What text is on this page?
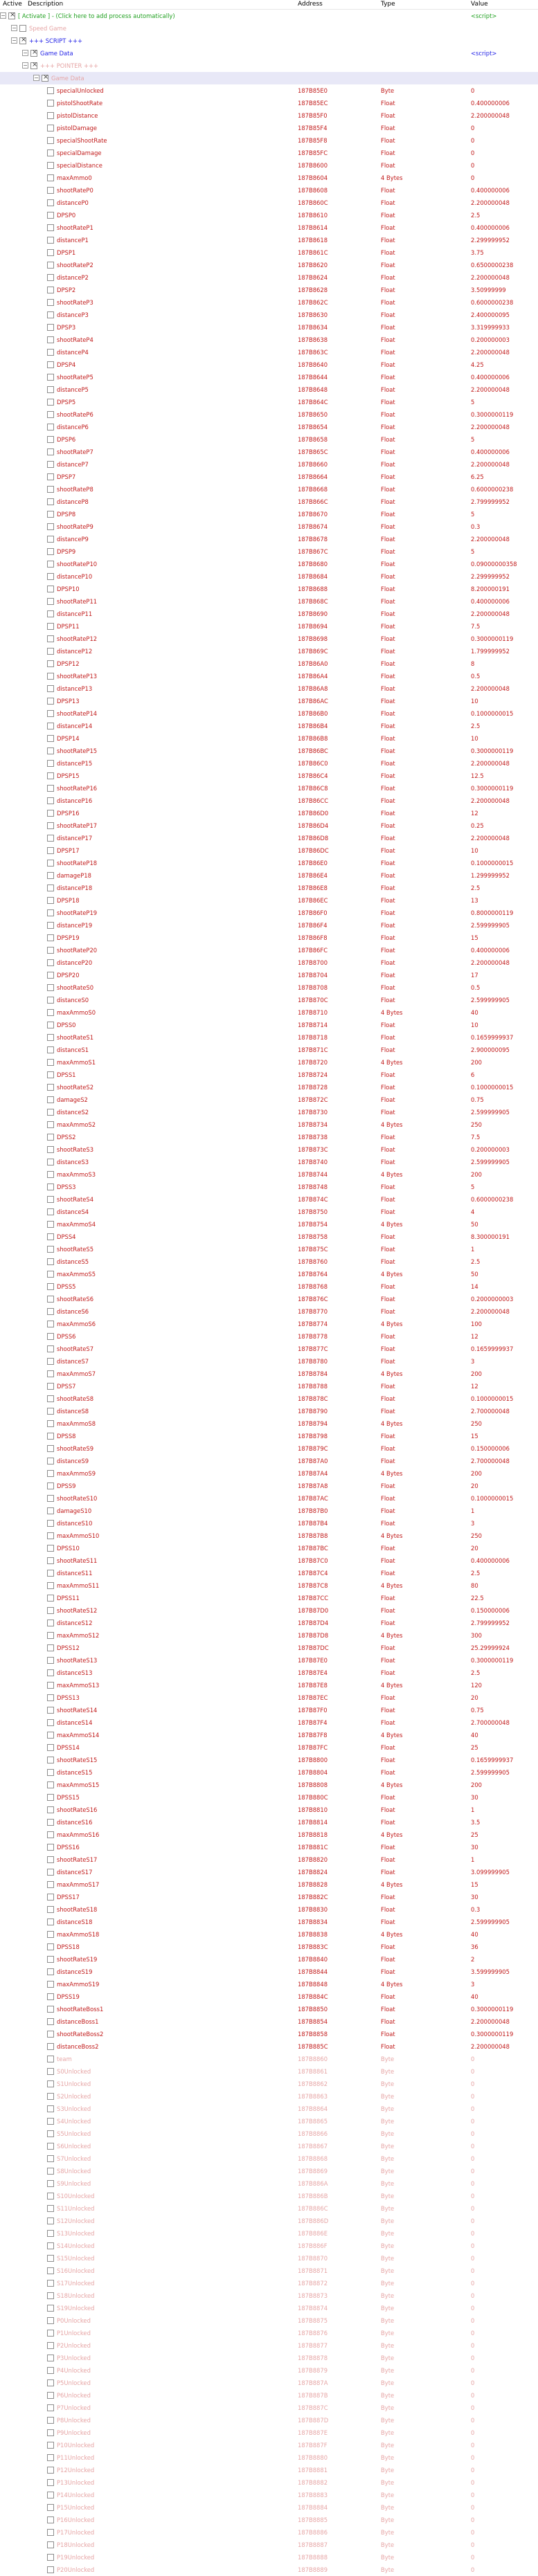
Active Description	Address	Type	Value
− × [ Activate ] - (Click here to add process automatically)	<script>
− Speed Game
− × +++ SCRIPT +++
− × Game Data	<script>
− × +++ POINTER +++
− × Game Data
specialUnlocked	187B85E0	Byte	0
pistolShootRate	187B85EC	Float	0.400000006
pistolDistance	187B85F0	Float	2.200000048
pistolDamage	187B85F4	Float	0
specialShootRate	187B85F8	Float	0
specialDamage	187B85FC	Float	0
specialDistance	187B8600	Float	0
maxAmmo0	187B8604	4 Bytes	0
shootRateP0	187B8608	Float	0.400000006
distanceP0	187B860C	Float	2.200000048
DPSP0	187B8610	Float	2.5
shootRateP1	187B8614	Float	0.400000006
distanceP1	187B8618	Float	2.299999952
DPSP1	187B861C	Float	3.75
shootRateP2	187B8620	Float	0.6500000238
distanceP2	187B8624	Float	2.200000048
DPSP2	187B8628	Float	3.50999999
shootRateP3	187B862C	Float	0.6000000238
distanceP3	187B8630	Float	2.400000095
DPSP3	187B8634	Float	3.319999933
shootRateP4	187B8638	Float	0.200000003
distanceP4	187B863C	Float	2.200000048
DPSP4	187B8640	Float	4.25
shootRateP5	187B8644	Float	0.400000006
distanceP5	187B8648	Float	2.200000048
DPSP5	187B864C	Float	5
shootRateP6	187B8650	Float	0.3000000119
distanceP6	187B8654	Float	2.200000048
DPSP6	187B8658	Float	5
shootRateP7	187B865C	Float	0.400000006
distanceP7	187B8660	Float	2.200000048
DPSP7	187B8664	Float	6.25
shootRateP8	187B8668	Float	0.6000000238
distanceP8	187B866C	Float	2.799999952
DPSP8	187B8670	Float	5
shootRateP9	187B8674	Float	0.3
distanceP9	187B8678	Float	2.200000048
DPSP9	187B867C	Float	5
shootRateP10	187B8680	Float	0.09000000358
distanceP10	187B8684	Float	2.299999952
DPSP10	187B8688	Float	8.200000191
shootRateP11	187B868C	Float	0.400000006
distanceP11	187B8690	Float	2.200000048
DPSP11	187B8694	Float	7.5
shootRateP12	187B8698	Float	0.3000000119
distanceP12	187B869C	Float	1.799999952
DPSP12	187B86A0	Float	8
shootRateP13	187B86A4	Float	0.5
distanceP13	187B86A8	Float	2.200000048
DPSP13	187B86AC	Float	10
shootRateP14	187B86B0	Float	0.1000000015
distanceP14	187B86B4	Float	2.5
DPSP14	187B86B8	Float	10
shootRateP15	187B86BC	Float	0.3000000119
distanceP15	187B86C0	Float	2.200000048
DPSP15	187B86C4	Float	12.5
shootRateP16	187B86C8	Float	0.3000000119
distanceP16	187B86CC	Float	2.200000048
DPSP16	187B86D0	Float	12
shootRateP17	187B86D4	Float	0.25
distanceP17	187B86D8	Float	2.200000048
DPSP17	187B86DC	Float	10
shootRateP18	187B86E0	Float	0.1000000015
damageP18	187B86E4	Float	1.299999952
distanceP18	187B86E8	Float	2.5
DPSP18	187B86EC	Float	13
shootRateP19	187B86F0	Float	0.8000000119
distanceP19	187B86F4	Float	2.599999905
DPSP19	187B86F8	Float	15
shootRateP20	187B86FC	Float	0.400000006
distanceP20	187B8700	Float	2.200000048
DPSP20	187B8704	Float	17
shootRateS0	187B8708	Float	0.5
distanceS0	187B870C	Float	2.599999905
maxAmmoS0	187B8710	4 Bytes	40
DPSS0	187B8714	Float	10
shootRateS1	187B8718	Float	0.1659999937
distanceS1	187B871C	Float	2.900000095
maxAmmoS1	187B8720	4 Bytes	200
DPSS1	187B8724	Float	6
shootRateS2	187B8728	Float	0.1000000015
damageS2	187B872C	Float	0.75
distanceS2	187B8730	Float	2.599999905
maxAmmoS2	187B8734	4 Bytes	250
DPSS2	187B8738	Float	7.5
shootRateS3	187B873C	Float	0.200000003
distanceS3	187B8740	Float	2.599999905
maxAmmoS3	187B8744	4 Bytes	200
DPSS3	187B8748	Float	5
shootRateS4	187B874C	Float	0.6000000238
distanceS4	187B8750	Float	4
maxAmmoS4	187B8754	4 Bytes	50
DPSS4	187B8758	Float	8.300000191
shootRateS5	187B875C	Float	1
distanceS5	187B8760	Float	2.5
maxAmmoS5	187B8764	4 Bytes	50
DPSS5	187B8768	Float	14
shootRateS6	187B876C	Float	0.2000000003
distanceS6	187B8770	Float	2.200000048
maxAmmoS6	187B8774	4 Bytes	100
DPSS6	187B8778	Float	12
shootRateS7	187B877C	Float	0.1659999937
distanceS7	187B8780	Float	3
maxAmmoS7	187B8784	4 Bytes	200
DPSS7	187B8788	Float	12
shootRateS8	187B878C	Float	0.1000000015
distanceS8	187B8790	Float	2.700000048
maxAmmoS8	187B8794	4 Bytes	250
DPSS8	187B8798	Float	15
shootRateS9	187B879C	Float	0.150000006
distanceS9	187B87A0	Float	2.700000048
maxAmmoS9	187B87A4	4 Bytes	200
DPSS9	187B87A8	Float	20
shootRateS10	187B87AC	Float	0.1000000015
damageS10	187B87B0	Float	1
distanceS10	187B87B4	Float	3
maxAmmoS10	187B87B8	4 Bytes	250
DPSS10	187B87BC	Float	20
shootRateS11	187B87C0	Float	0.400000006
distanceS11	187B87C4	Float	2.5
maxAmmoS11	187B87C8	4 Bytes	80
DPSS11	187B87CC	Float	22.5
shootRateS12	187B87D0	Float	0.150000006
distanceS12	187B87D4	Float	2.799999952
maxAmmoS12	187B87D8	4 Bytes	300
DPSS12	187B87DC	Float	25.29999924
shootRateS13	187B87E0	Float	0.3000000119
distanceS13	187B87E4	Float	2.5
maxAmmoS13	187B87E8	4 Bytes	120
DPSS13	187B87EC	Float	20
shootRateS14	187B87F0	Float	0.75
distanceS14	187B87F4	Float	2.700000048
maxAmmoS14	187B87F8	4 Bytes	40
DPSS14	187B87FC	Float	25
shootRateS15	187B8800	Float	0.1659999937
distanceS15	187B8804	Float	2.599999905
maxAmmoS15	187B8808	4 Bytes	200
DPSS15	187B880C	Float	30
shootRateS16	187B8810	Float	1
distanceS16	187B8814	Float	3.5
maxAmmoS16	187B8818	4 Bytes	25
DPSS16	187B881C	Float	30
shootRateS17	187B8820	Float	1
distanceS17	187B8824	Float	3.099999905
maxAmmoS17	187B8828	4 Bytes	15
DPSS17	187B882C	Float	30
shootRateS18	187B8830	Float	0.3
distanceS18	187B8834	Float	2.599999905
maxAmmoS18	187B8838	4 Bytes	40
DPSS18	187B883C	Float	36
shootRateS19	187B8840	Float	2
distanceS19	187B8844	Float	3.599999905
maxAmmoS19	187B8848	4 Bytes	3
DPSS19	187B884C	Float	40
shootRateBoss1	187B8850	Float	0.3000000119
distanceBoss1	187B8854	Float	2.200000048
shootRateBoss2	187B8858	Float	0.3000000119
distanceBoss2	187B885C	Float	2.200000048
team	187B8860	Byte	0
S0Unlocked	187B8861	Byte	0
S1Unlocked	187B8862	Byte	0
S2Unlocked	187B8863	Byte	0
S3Unlocked	187B8864	Byte	0
S4Unlocked	187B8865	Byte	0
S5Unlocked	187B8866	Byte	0
S6Unlocked	187B8867	Byte	0
S7Unlocked	187B8868	Byte	0
S8Unlocked	187B8869	Byte	0
S9Unlocked	187B886A	Byte	0
S10Unlocked	187B886B	Byte	0
S11Unlocked	187B886C	Byte	0
S12Unlocked	187B886D	Byte	0
S13Unlocked	187B886E	Byte	0
S14Unlocked	187B886F	Byte	0
S15Unlocked	187B8870	Byte	0
S16Unlocked	187B8871	Byte	0
S17Unlocked	187B8872	Byte	0
S18Unlocked	187B8873	Byte	0
S19Unlocked	187B8874	Byte	0
P0Unlocked	187B8875	Byte	0
P1Unlocked	187B8876	Byte	0
P2Unlocked	187B8877	Byte	0
P3Unlocked	187B8878	Byte	0
P4Unlocked	187B8879	Byte	0
P5Unlocked	187B887A	Byte	0
P6Unlocked	187B887B	Byte	0
P7Unlocked	187B887C	Byte	0
P8Unlocked	187B887D	Byte	0
P9Unlocked	187B887E	Byte	0
P10Unlocked	187B887F	Byte	0
P11Unlocked	187B8880	Byte	0
P12Unlocked	187B8881	Byte	0
P13Unlocked	187B8882	Byte	0
P14Unlocked	187B8883	Byte	0
P15Unlocked	187B8884	Byte	0
P16Unlocked	187B8885	Byte	0
P17Unlocked	187B8886	Byte	0
P18Unlocked	187B8887	Byte	0
P19Unlocked	187B8888	Byte	0
P20Unlocked	187B8889	Byte	0
